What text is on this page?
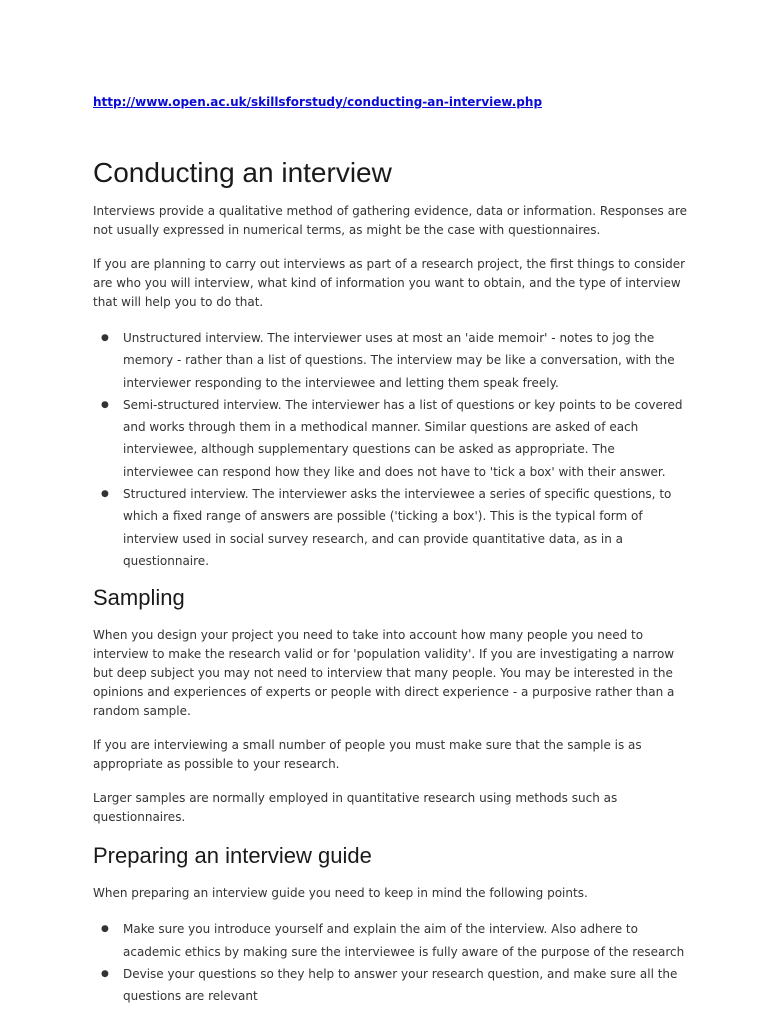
http://www.open.ac.uk/skillsforstudy/conducting-an-interview.php
Conducting an interview

Interviews provide a qualitative method of gathering evidence, data or information. Responses are not usually expressed in numerical terms, as might be the case with questionnaires.

If you are planning to carry out interviews as part of a research project, the first things to consider are who you will interview, what kind of information you want to obtain, and the type of interview that will help you to do that.

● Unstructured interview. The interviewer uses at most an 'aide memoir' - notes to jog the memory - rather than a list of questions. The interview may be like a conversation, with the interviewer responding to the interviewee and letting them speak freely.
● Semi-structured interview. The interviewer has a list of questions or key points to be covered and works through them in a methodical manner. Similar questions are asked of each interviewee, although supplementary questions can be asked as appropriate. The interviewee can respond how they like and does not have to 'tick a box' with their answer.
● Structured interview. The interviewer asks the interviewee a series of specific questions, to which a fixed range of answers are possible ('ticking a box'). This is the typical form of interview used in social survey research, and can provide quantitative data, as in a questionnaire.
Sampling

When you design your project you need to take into account how many people you need to interview to make the research valid or for 'population validity'. If you are investigating a narrow but deep subject you may not need to interview that many people. You may be interested in the opinions and experiences of experts or people with direct experience - a purposive rather than a random sample.

If you are interviewing a small number of people you must make sure that the sample is as appropriate as possible to your research.

Larger samples are normally employed in quantitative research using methods such as questionnaires.

Preparing an interview guide

When preparing an interview guide you need to keep in mind the following points.

● Make sure you introduce yourself and explain the aim of the interview. Also adhere to academic ethics by making sure the interviewee is fully aware of the purpose of the research
● Devise your questions so they help to answer your research question, and make sure all the questions are relevant
